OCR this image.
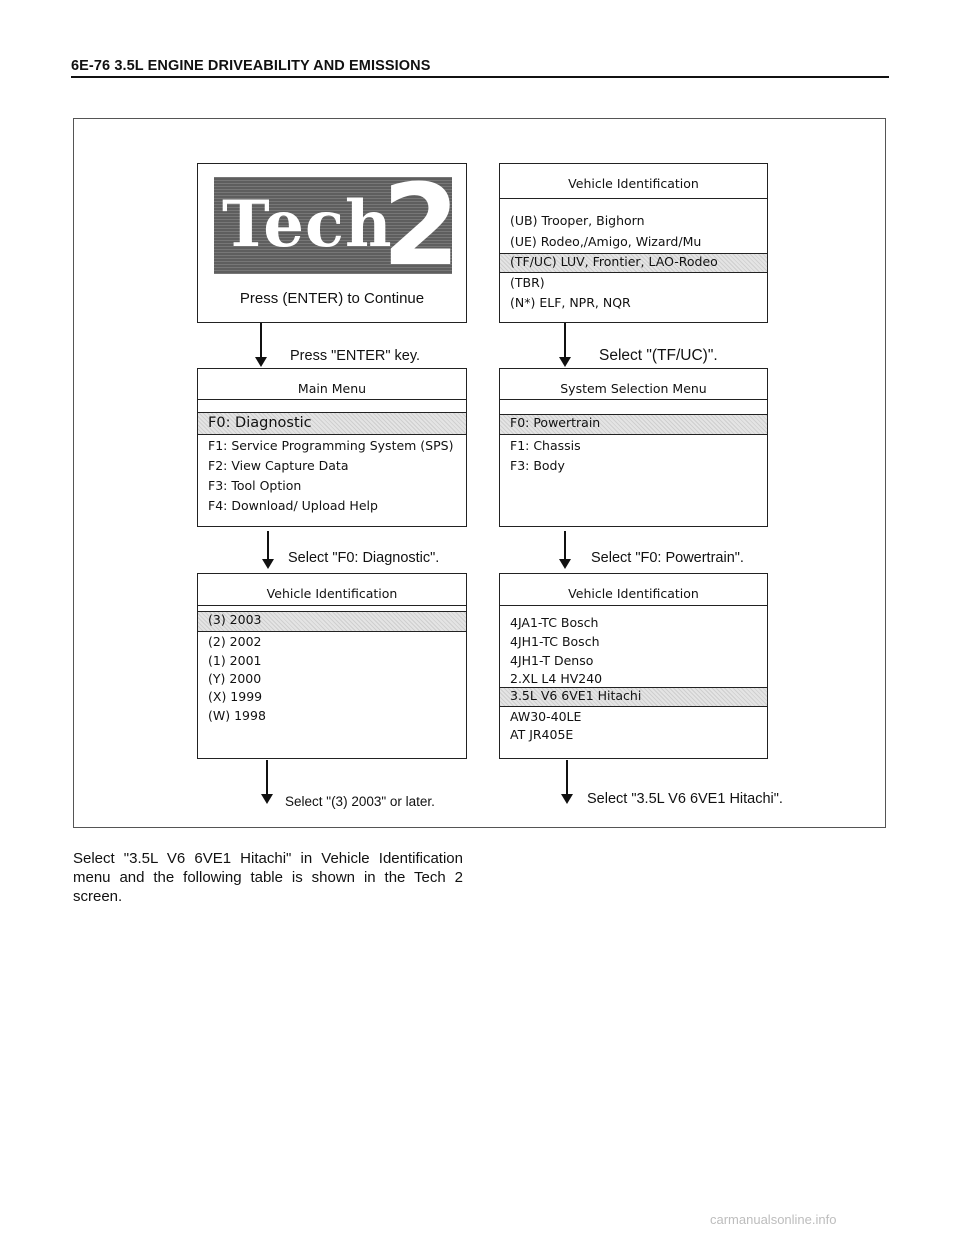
6E-76 3.5L ENGINE DRIVEABILITY AND EMISSIONS
Tech
2
Press (ENTER) to Continue
Vehicle Identification
(UB) Trooper, Bighorn
(UE) Rodeo,/Amigo, Wizard/Mu
(TF/UC) LUV, Frontier, LAO-Rodeo
(TBR)
(N*) ELF, NPR, NQR
Press "ENTER" key.	Select "(TF/UC)".
Main Menu
F0: Diagnostic
F1: Service Programming System (SPS)
F2: View Capture Data
F3: Tool Option
F4: Download/ Upload Help
System Selection Menu
F0: Powertrain
F1: Chassis
F3: Body
Select "F0: Diagnostic".	Select "F0: Powertrain".
Vehicle Identification
(3) 2003
(2) 2002
(1) 2001
(Y) 2000
(X) 1999
(W) 1998
Vehicle Identification
4JA1-TC Bosch
4JH1-TC Bosch
4JH1-T Denso
2.XL L4 HV240
3.5L V6 6VE1 Hitachi
AW30-40LE
AT JR405E
Select "(3) 2003" or later.	Select "3.5L V6 6VE1 Hitachi".
Select "3.5L V6 6VE1 Hitachi" in Vehicle Identification menu and the following table is shown in the Tech 2 screen.
carmanualsonline.info
